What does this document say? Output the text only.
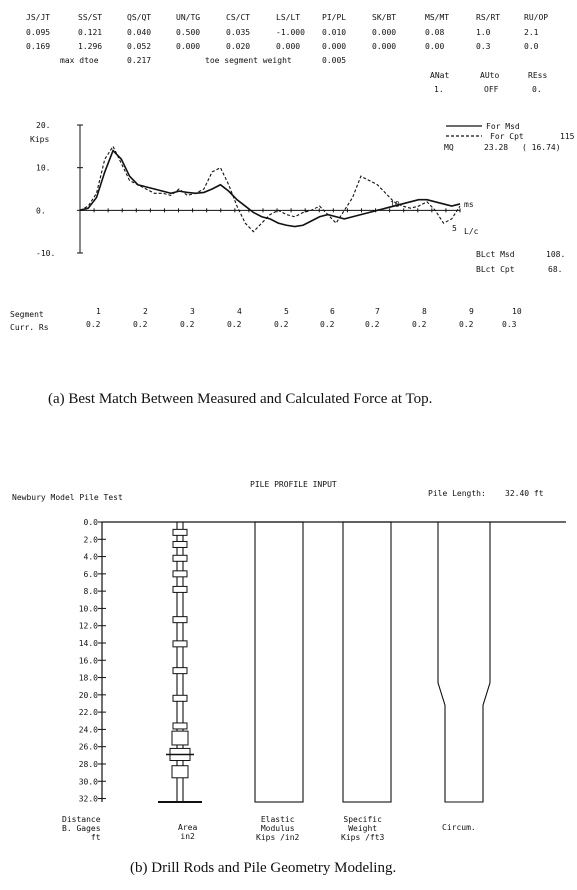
JS/JT	SS/ST	QS/QT	UN/TG	CS/CT	LS/LT	PI/PL	SK/BT	MS/MT	RS/RT	RU/OP
0.095	0.121	0.040	0.500	0.035	-1.000 0.010	0.000	0.08	1.0	2.1
0.169	1.296	0.052	0.000	0.020	0.000	0.000	0.000	0.00	0.3	0.0
max dtoe	0.217	toe segment weight	0.005
ANat	AUto	REss
1.	OFF	0.
For Msd
For Cpt	115
MQ	23.28 ( 16.74)
20.
10.
0.
-10.
Kips
10
5
ms
L/c
BLct Msd	108.
BLct Cpt	68.
Segment
Curr. Rs
1	2	3	4	5	6	7	8	9	10
0.2	0.2	0.2	0.2	0.2	0.2	0.2	0.2	0.2	0.3
(a) Best Match Between Measured and Calculated Force at Top.
PILE PROFILE INPUT
Newbury Model Pile Test	Pile Length: 32.40 ft
0.0
2.0
4.0
6.0
8.0
10.0
12.0
14.0
16.0
18.0
20.0
22.0
24.0
26.0
28.0
30.0
32.0
Distance
B. Gages
ft
Area
in2
Elastic
Modulus
Kips /in2
Specific
Weight
Kips /ft3
Circum.
(b) Drill Rods and Pile Geometry Modeling.
